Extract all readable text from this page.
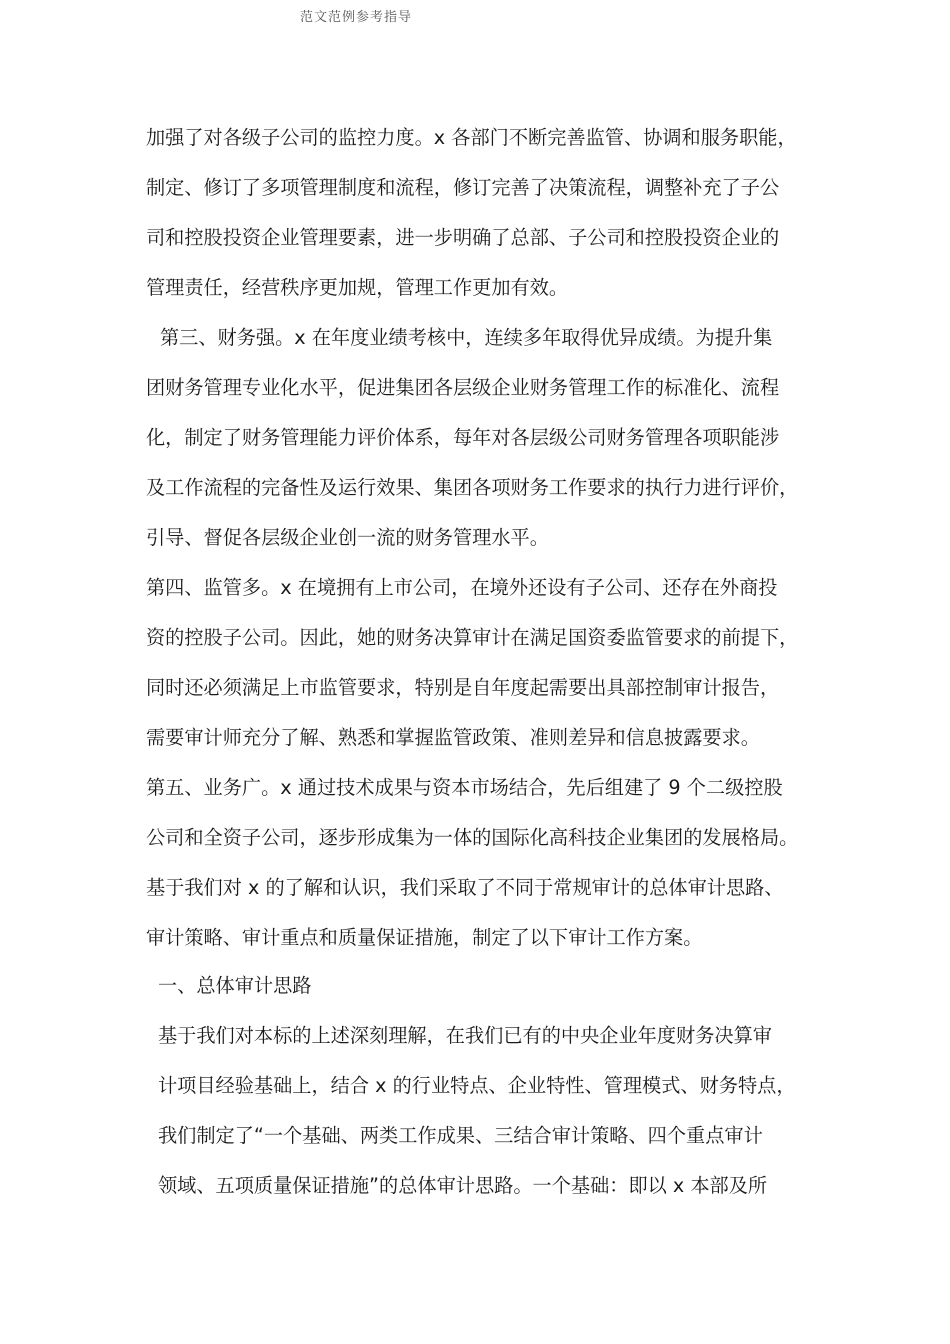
范文范例参考指导
加强了对各级子公司的监控力度。x 各部门不断完善监管、协调和服务职能，
制定、修订了多项管理制度和流程，修订完善了决策流程，调整补充了子公
司和控股投资企业管理要素，进一步明确了总部、子公司和控股投资企业的
管理责任，经营秩序更加规，管理工作更加有效。
第三、财务强。x 在年度业绩考核中，连续多年取得优异成绩。为提升集
团财务管理专业化水平，促进集团各层级企业财务管理工作的标准化、流程
化，制定了财务管理能力评价体系，每年对各层级公司财务管理各项职能涉
及工作流程的完备性及运行效果、集团各项财务工作要求的执行力进行评价，
引导、督促各层级企业创一流的财务管理水平。
第四、监管多。x 在境拥有上市公司，在境外还设有子公司、还存在外商投
资的控股子公司。因此，她的财务决算审计在满足国资委监管要求的前提下，
同时还必须满足上市监管要求，特别是自年度起需要出具部控制审计报告，
需要审计师充分了解、熟悉和掌握监管政策、准则差异和信息披露要求。
第五、业务广。x 通过技术成果与资本市场结合，先后组建了 9 个二级控股
公司和全资子公司，逐步形成集为一体的国际化高科技企业集团的发展格局。
基于我们对 x 的了解和认识，我们采取了不同于常规审计的总体审计思路、
审计策略、审计重点和质量保证措施，制定了以下审计工作方案。
一、总体审计思路
基于我们对本标的上述深刻理解，在我们已有的中央企业年度财务决算审
计项目经验基础上，结合 x 的行业特点、企业特性、管理模式、财务特点，
我们制定了“一个基础、两类工作成果、三结合审计策略、四个重点审计
领域、五项质量保证措施”的总体审计思路。一个基础：即以 x 本部及所
